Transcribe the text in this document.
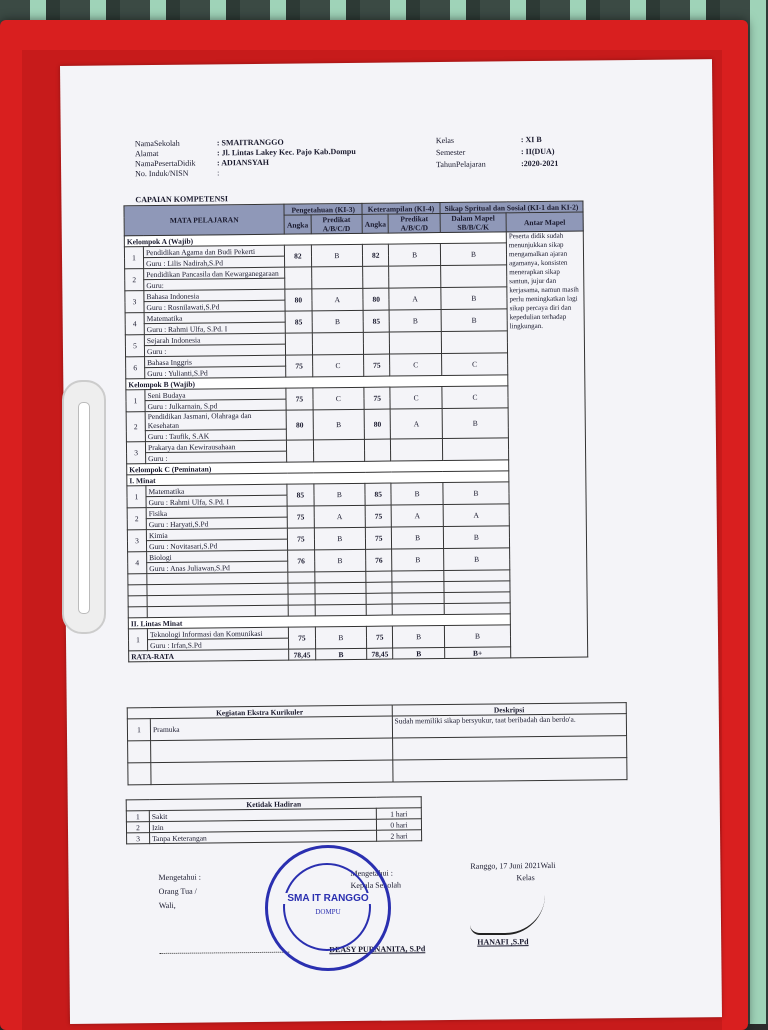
NamaSekolah	: SMAITRANGGO
Alamat	: Jl. Lintas Lakey Kec. Pajo Kab.Dompu
NamaPesertaDidik	: ADIANSYAH
No. Induk/NISN	:
Kelas	: XI B
Semester	: II(DUA)
TahunPelajaran	:2020-2021
CAPAIAN KOMPETENSI
MATA PELAJARAN		Pengetahuan (KI-3)		Keterampilan (KI-4)		Sikap Spritual dan Sosial (KI-1 dan KI-2)	
		Angka	Predikat A/B/C/D	Angka	Predikat A/B/C/D	Dalam Mapel SB/B/C/K	Antar Mapel
Kelompok A (Wajib)							Peserta didik sudah menunjukkan sikap mengamalkan ajaran agamanya, konsisten menerapkan sikap santun, jujur dan kerjasama, namun masih perlu meningkatkan lagi sikap percaya diri dan kepedulian terhadap lingkungan.
1	Pendidikan Agama dan Budi Pekerti	82	B	82	B	B	
	Guru : Lilis Nadirah,S.Pd						
2	Pendidikan Pancasila dan Kewarganegaraan						
	Guru:						
3	Bahasa Indonesia	80	A	80	A	B	
	Guru : Rosnilawati,S.Pd						
4	Matematika	85	B	85	B	B	
	Guru : Rahmi Ulfa, S.Pd. I						
5	Sejarah Indonesia						
	Guru :						
6	Bahasa Inggris	75	C	75	C	C	
	Guru : Yulianti,S.Pd						
Kelompok B (Wajib)							
1	Seni Budaya	75	C	75	C	C	
	Guru : Julkarnain, S.pd						
2	Pendidikan Jasmani, Olahraga dan Kesehatan	80	B	80	A	B	
	Guru : Taufik, S.AK						
3	Prakarya dan Kewirausahaan						
	Guru :						
Kelompok C (Peminatan)							
I. Minat							
1	Matematika	85	B	85	B	B	
	Guru : Rahmi Ulfa, S.Pd. I						
2	Fisika	75	A	75	A	A	
	Guru : Haryati,S.Pd						
3	Kimia	75	B	75	B	B	
	Guru : Novitasari,S.Pd						
4	Biologi	76	B	76	B	B	
	Guru : Anas Juliawan,S.Pd						

II. Lintas Minat							
1	Teknologi Informasi dan Komunikasi	75	B	75	B	B	
	Guru : Irfan,S.Pd						
RATA-RATA		78,45	B	78,45	B	B+	
Kegiatan Ekstra Kurikuler		Deskripsi
1	Pramuka	Sudah memiliki sikap bersyukur, taat beribadah dan berdo'a.

Ketidak Hadiran		
1	Sakit	1 hari
2	Izin	0 hari
3	Tanpa Keterangan	2 hari
Mengetahui :
Orang Tua /
Wali,
Mengetahui :
Kepala Sekolah
DEASY PURNANITA, S.Pd
Ranggo, 17 Juni 2021Wali
Kelas
HANAFI ,S.Pd
SMA IT RANGGO
DOMPU
